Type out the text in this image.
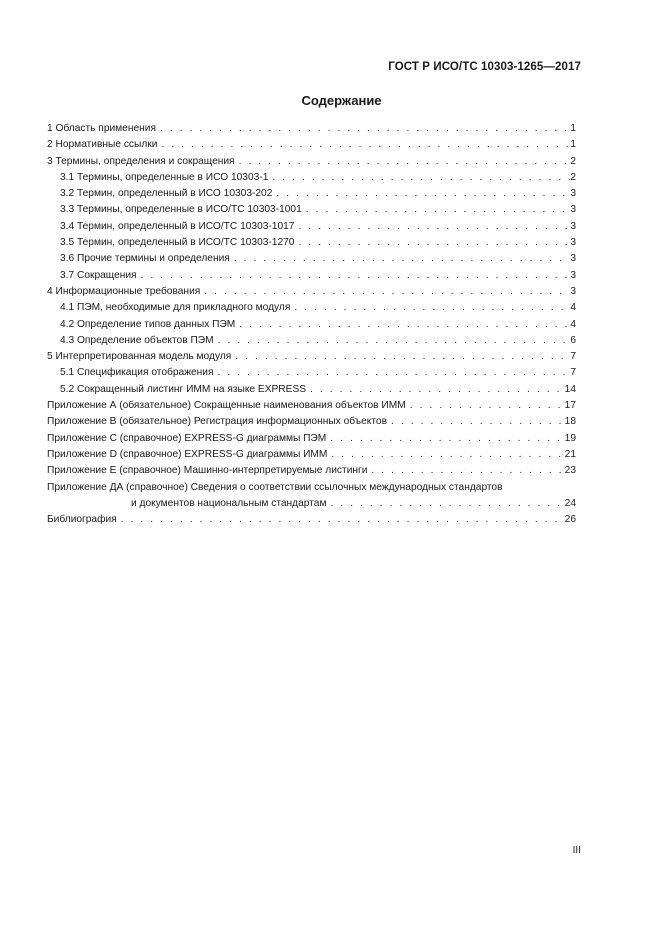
ГОСТ Р ИСО/ТС 10303-1265—2017
Содержание
1 Область применения . . .	1
2 Нормативные ссылки . . .	1
3 Термины, определения и сокращения . . .	2
3.1 Термины, определенные в ИСО 10303-1 . . .	2
3.2 Термин, определенный в ИСО 10303-202 . . .	3
3.3 Термины, определенные в ИСО/ТС 10303-1001 . . .	3
3.4 Термин, определенный в ИСО/ТС 10303-1017 . . .	3
3.5 Термин, определенный в ИСО/ТС 10303-1270 . . .	3
3.6 Прочие термины и определения . . .	3
3.7 Сокращения . . .	3
4 Информационные требования . . .	3
4.1 ПЭМ, необходимые для прикладного модуля . . .	4
4.2 Определение типов данных ПЭМ . . .	4
4.3 Определение объектов ПЭМ . . .	6
5 Интерпретированная модель модуля . . .	7
5.1 Спецификация отображения . . .	7
5.2 Сокращенный листинг ИММ на языке EXPRESS . . .	14
Приложение А (обязательное) Сокращенные наименования объектов ИММ . . .	17
Приложение В (обязательное) Регистрация информационных объектов . . .	18
Приложение С (справочное) EXPRESS-G диаграммы ПЭМ . . .	19
Приложение D (справочное) EXPRESS-G диаграммы ИММ . . .	21
Приложение Е (справочное) Машинно-интерпретируемые листинги . . .	23
Приложение ДА (справочное) Сведения о соответствии ссылочных международных стандартов
и документов национальным стандартам . . .	24
Библиография . . .	26
III
